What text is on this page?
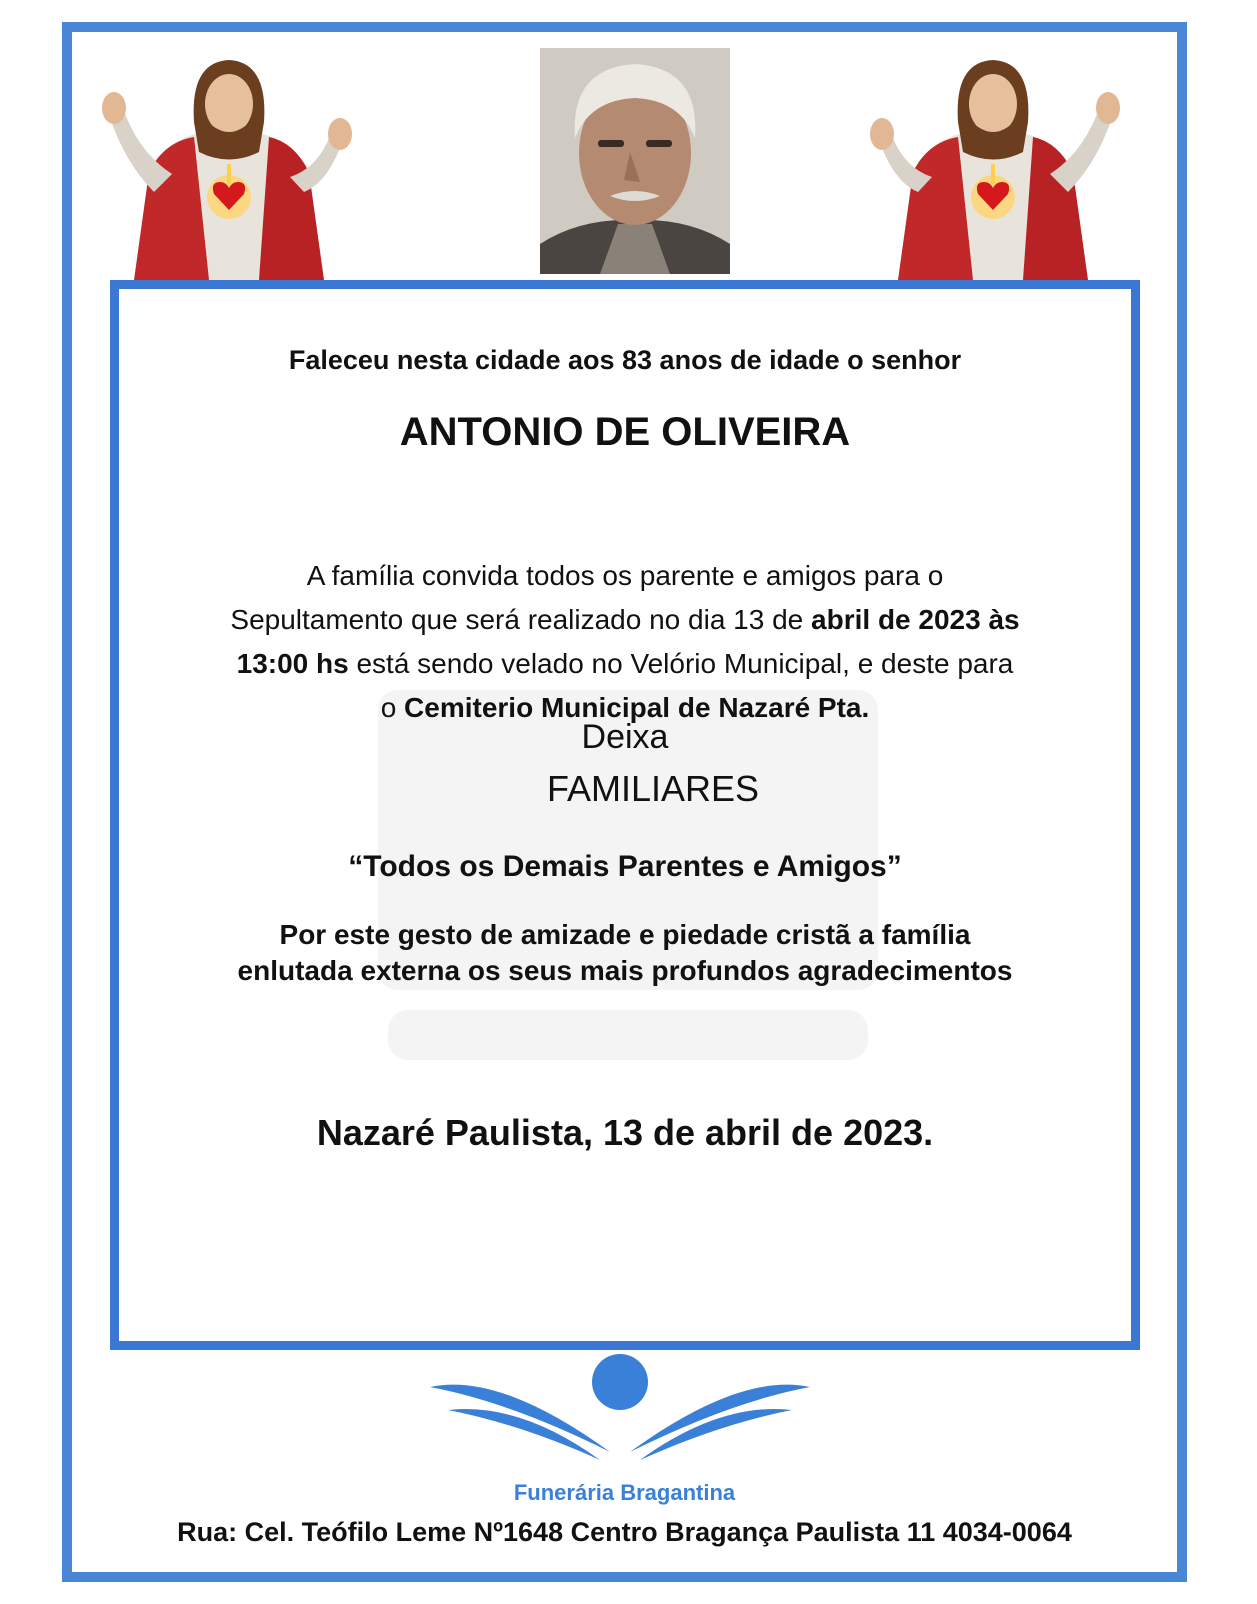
Faleceu nesta cidade aos 83 anos de idade o senhor

ANTONIO DE OLIVEIRA

A família convida todos os parente e amigos para o
Sepultamento que será realizado no dia 13 de abril de 2023 às
13:00 hs está sendo velado no Velório Municipal, e deste para
o Cemiterio Municipal de Nazaré Pta.

Deixa

FAMILIARES

“Todos os Demais Parentes e Amigos”

Por este gesto de amizade e piedade cristã a família
enlutada externa os seus mais profundos agradecimentos

Nazaré Paulista, 13 de abril de 2023.

Funerária Bragantina
Rua: Cel. Teófilo Leme Nº1648 Centro Bragança Paulista 11 4034-0064
